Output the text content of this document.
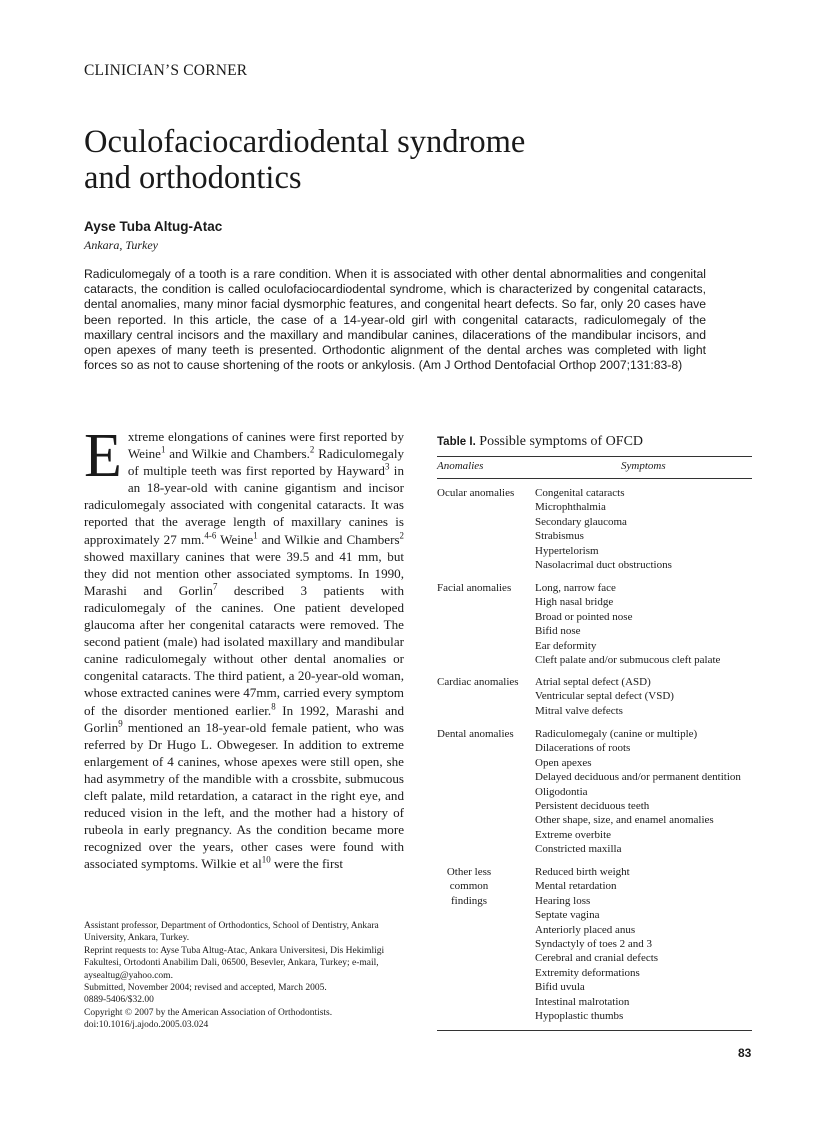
CLINICIAN’S CORNER
Oculofaciocardiodental syndrome
and orthodontics
Ayse Tuba Altug-Atac
Ankara, Turkey

Radiculomegaly of a tooth is a rare condition. When it is associated with other dental abnormalities and congenital cataracts, the condition is called oculofaciocardiodental syndrome, which is characterized by congenital cataracts, dental anomalies, many minor facial dysmorphic features, and congenital heart defects. So far, only 20 cases have been reported. In this article, the case of a 14-year-old girl with congenital cataracts, radiculomegaly of the maxillary central incisors and the maxillary and mandibular canines, dilacerations of the mandibular incisors, and open apexes of many teeth is presented. Orthodontic alignment of the dental arches was completed with light forces so as not to cause shortening of the roots or ankylosis. (Am J Orthod Dentofacial Orthop 2007;131:83-8)

Extreme elongations of canines were first reported by Weine$^1$ and Wilkie and Chambers.$^2$ Radiculomegaly of multiple teeth was first reported by Hayward$^3$ in an 18-year-old with canine gigantism and incisor radiculomegaly associated with congenital cataracts. It was reported that the average length of maxillary canines is approximately 27 mm.$^{4-6}$ Weine$^1$ and Wilkie and Chambers$^2$ showed maxillary canines that were 39.5 and 41 mm, but they did not mention other associated symptoms. In 1990, Marashi and Gorlin$^7$ described 3 patients with radiculomegaly of the canines. One patient developed glaucoma after her congenital cataracts were removed. The second patient (male) had isolated maxillary and mandibular canine radiculomegaly without other dental anomalies or congenital cataracts. The third patient, a 20-year-old woman, whose extracted canines were 47mm, carried every symptom of the disorder mentioned earlier.$^8$ In 1992, Marashi and Gorlin$^9$ mentioned an 18-year-old female patient, who was referred by Dr Hugo L. Obwegeser. In addition to extreme enlargement of 4 canines, whose apexes were still open, she had asymmetry of the mandible with a crossbite, submucous cleft palate, mild retardation, a cataract in the right eye, and reduced vision in the left, and the mother had a history of rubeola in early pregnancy. As the condition became more recognized over the years, other cases were found with associated symptoms. Wilkie et $al^{10}$ were the first

Assistant professor, Department of Orthodontics, School of Dentistry, Ankara University, Ankara, Turkey.
Reprint requests to: Ayse Tuba Altug-Atac, Ankara Universitesi, Dis Hekimligi Fakultesi, Ortodonti Anabilim Dali, 06500, Besevler, Ankara, Turkey; e-mail, aysealtug@yahoo.com.
Submitted, November 2004; revised and accepted, March 2005.
0889-5406/$32.00
Copyright © 2007 by the American Association of Orthodontists.
doi:10.1016/j.ajodo.2005.03.024
Table I. Possible symptoms of OFCD
Anomalies	Symptoms
Ocular anomalies Congenital cataracts
Microphthalmia
Secondary glaucoma
Strabismus
Hypertelorism
Nasolacrimal duct obstructions
Facial anomalies Long, narrow face
High nasal bridge
Broad or pointed nose
Bifid nose
Ear deformity
Cleft palate and/or submucous cleft palate
Cardiac anomalies Atrial septal defect (ASD)
Ventricular septal defect (VSD)
Mitral valve defects
Dental anomalies Radiculomegaly (canine or multiple)
Dilacerations of roots
Open apexes
Delayed deciduous and/or permanent dentition
Oligodontia
Persistent deciduous teeth
Other shape, size, and enamel anomalies
Extreme overbite
Constricted maxilla
Other less
common
findings
Reduced birth weight
Mental retardation
Hearing loss
Septate vagina
Anteriorly placed anus
Syndactyly of toes 2 and 3
Cerebral and cranial defects
Extremity deformations
Bifid uvula
Intestinal malrotation
Hypoplastic thumbs
83
